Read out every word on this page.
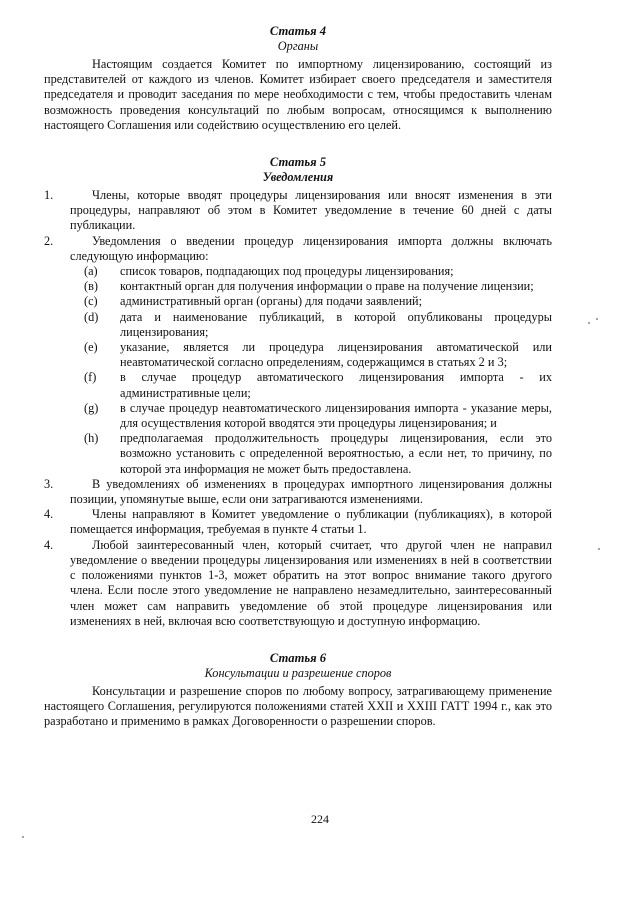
Статья 4

Органы

Настоящим создается Комитет по импортному лицензированию, состоящий из представителей от каждого из членов. Комитет избирает своего председателя и заместителя председателя и проводит заседания по мере необходимости с тем, чтобы предоставить членам возможность проведения консультаций по любым вопросам, относящимся к выполнению настоящего Соглашения или содействию осуществлению его целей.

Статья 5

Уведомления

1.	Члены, которые вводят процедуры лицензирования или вносят изменения в эти процедуры, направляют об этом в Комитет уведомление в течение 60 дней с даты публикации.
2.	Уведомления о введении процедур лицензирования импорта должны включать следующую информацию:
(a)	список товаров, подпадающих под процедуры лицензирования;
(в)	контактный орган для получения информации о праве на получение лицензии;
(c)	административный орган (органы) для подачи заявлений;
(d)	дата и наименование публикаций, в которой опубликованы процедуры лицензирования;
(e)	указание, является ли процедура лицензирования автоматической или неавтоматической согласно определениям, содержащимся в статьях 2 и 3;
(f)	в случае процедур автоматического лицензирования импорта - их административные цели;
(g)	в случае процедур неавтоматического лицензирования импорта - указание меры, для осуществления которой вводятся эти процедуры лицензирования; и
(h)	предполагаемая продолжительность процедуры лицензирования, если это возможно установить с определенной вероятностью, а если нет, то причину, по которой эта информация не может быть предоставлена.
3.	В уведомлениях об изменениях в процедурах импортного лицензирования должны позиции, упомянутые выше, если они затрагиваются изменениями.
4.	Члены направляют в Комитет уведомление о публикации (публикациях), в которой помещается информация, требуемая в пункте 4 статьи 1.
4.	Любой заинтересованный член, который считает, что другой член не направил уведомление о введении процедуры лицензирования или изменениях в ней в соответствии с положениями пунктов 1-3, может обратить на этот вопрос внимание такого другого члена. Если после этого уведомление не направлено незамедлительно, заинтересованный член может сам направить уведомление об этой процедуре лицензирования или изменениях в ней, включая всю соответствующую и доступную информацию.

Статья 6

Консультации и разрешение споров

Консультации и разрешение споров по любому вопросу, затрагивающему применение настоящего Соглашения, регулируются положениями статей XXII и XXIII ГАТТ 1994 г., как это разработано и применимо в рамках Договоренности о разрешении споров.

224
